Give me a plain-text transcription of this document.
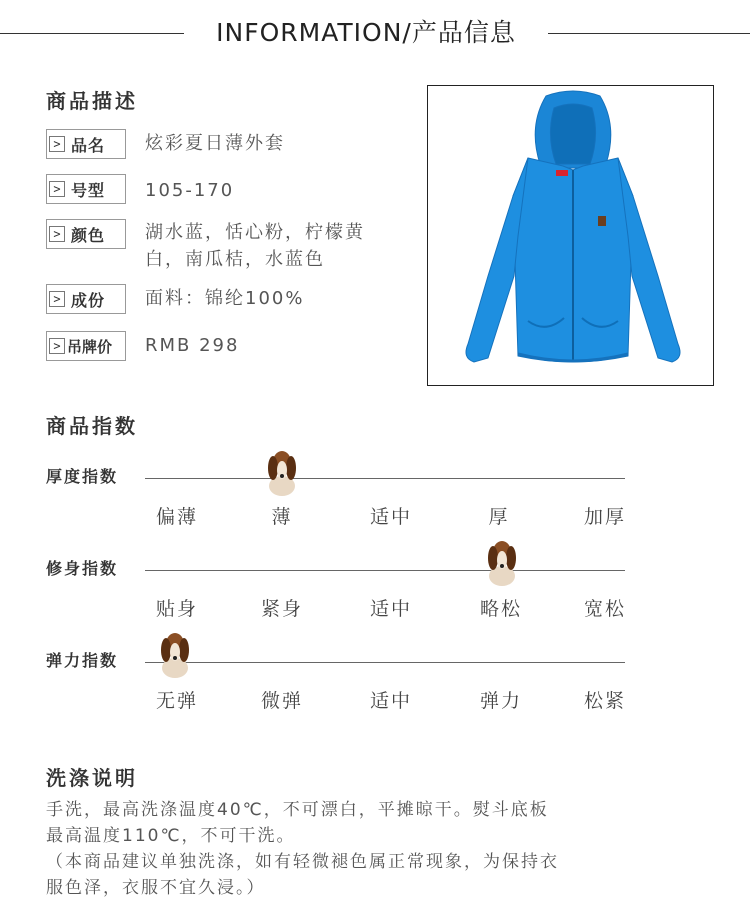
INFORMATION/产品信息
商品描述
> 品名 炫彩夏日薄外套
> 号型 105-170
> 颜色 湖水蓝，恬心粉，柠檬黄
白，南瓜桔，水蓝色
> 成份 面料：锦纶100%
> 吊牌价 RMB 298
商品指数
厚度指数
偏薄	薄	适中	厚	加厚
修身指数
贴身	紧身	适中	略松	宽松
弹力指数
无弹	微弹	适中	弹力	松紧
洗涤说明
手洗，最高洗涤温度40℃，不可漂白，平摊晾干。熨斗底板
最高温度110℃，不可干洗。
（本商品建议单独洗涤，如有轻微褪色属正常现象，为保持衣
服色泽，衣服不宜久浸。）
